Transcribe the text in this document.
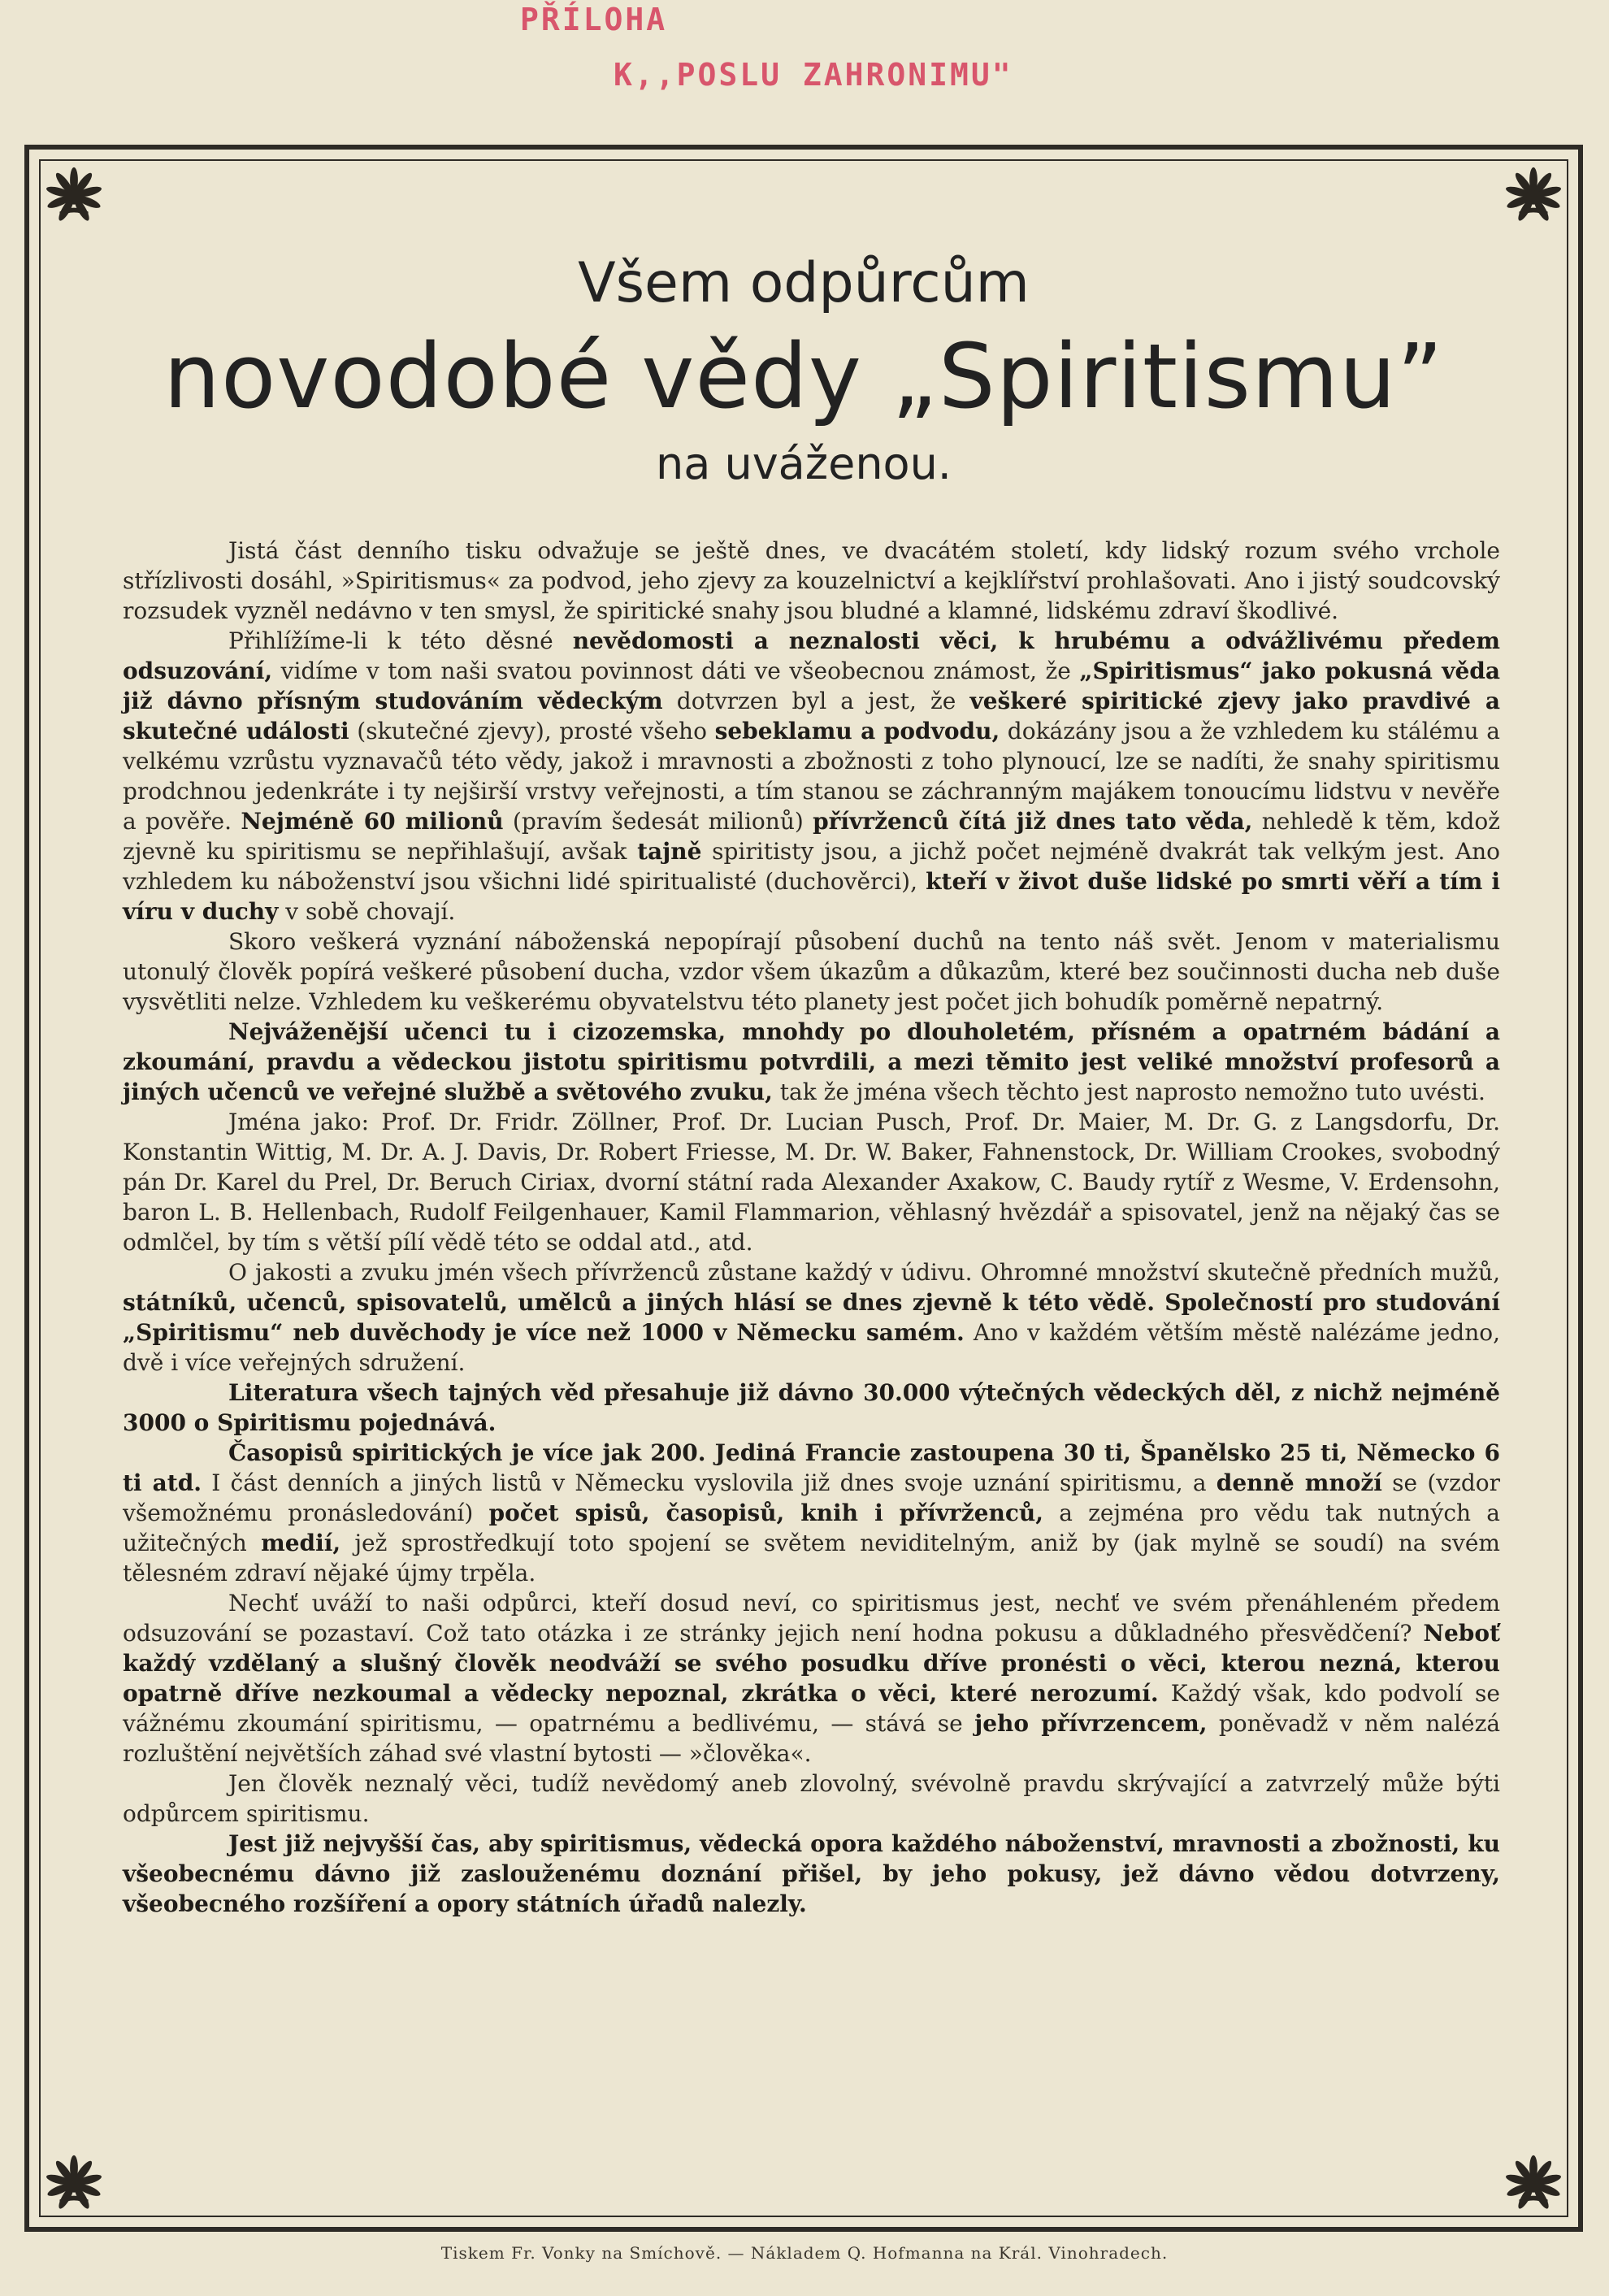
PŘÍLOHA
K,,POSLU ZAHRONIMU"
Všem odpůrcům
novodobé vědy „Spiritismu”
na uváženou.

Jistá část denního tisku odvažuje se ještě dnes, ve dvacátém století, kdy lidský rozum svého vrchole střízlivosti dosáhl, »Spiritismus« za podvod, jeho zjevy za kouzelnictví a kejklířství prohlašovati. Ano i jistý soudcovský rozsudek vyzněl nedávno v ten smysl, že spiritické snahy jsou bludné a klamné, lidskému zdraví škodlivé.

Přihlížíme-li k této děsné nevědomosti a neznalosti věci, k hrubému a odvážlivému předem odsuzování, vidíme v tom naši svatou povinnost dáti ve všeobecnou známost, že „Spiritismus“ jako pokusná věda již dávno přísným studováním vědeckým dotvrzen byl a jest, že veškeré spiritické zjevy jako pravdivé a skutečné události (skutečné zjevy), prosté všeho sebeklamu a podvodu, dokázány jsou a že vzhledem ku stálému a velkému vzrůstu vyznavačů této vědy, jakož i mravnosti a zbožnosti z toho plynoucí, lze se nadíti, že snahy spiritismu prodchnou jedenkráte i ty nejširší vrstvy veřejnosti, a tím stanou se záchranným majákem tonoucímu lidstvu v nevěře a pověře. Nejméně 60 milionů (pravím šedesát milionů) přívrženců čítá již dnes tato věda, nehledě k těm, kdož zjevně ku spiritismu se nepřihlašují, avšak tajně spiritisty jsou, a jichž počet nejméně dvakrát tak velkým jest. Ano vzhledem ku náboženství jsou všichni lidé spiritualisté (duchověrci), kteří v život duše lidské po smrti věří a tím i víru v duchy v sobě chovají.

Skoro veškerá vyznání náboženská nepopírají působení duchů na tento náš svět. Jenom v materialismu utonulý člověk popírá veškeré působení ducha, vzdor všem úkazům a důkazům, které bez součinnosti ducha neb duše vysvětliti nelze. Vzhledem ku veškerému obyvatelstvu této planety jest počet jich bohudík poměrně nepatrný.

Nejváženější učenci tu i cizozemska, mnohdy po dlouholetém, přísném a opatrném bádání a zkoumání, pravdu a vědeckou jistotu spiritismu potvrdili, a mezi těmito jest veliké množství profesorů a jiných učenců ve veřejné službě a světového zvuku, tak že jména všech těchto jest naprosto nemožno tuto uvésti.

Jména jako: Prof. Dr. Fridr. Zöllner, Prof. Dr. Lucian Pusch, Prof. Dr. Maier, M. Dr. G. z Langsdorfu, Dr. Konstantin Wittig, M. Dr. A. J. Davis, Dr. Robert Friesse, M. Dr. W. Baker, Fahnenstock, Dr. William Crookes, svobodný pán Dr. Karel du Prel, Dr. Beruch Ciriax, dvorní státní rada Alexander Axakow, C. Baudy rytíř z Wesme, V. Erdensohn, baron L. B. Hellenbach, Rudolf Feilgenhauer, Kamil Flammarion, věhlasný hvězdář a spisovatel, jenž na nějaký čas se odmlčel, by tím s větší pílí vědě této se oddal atd., atd.

O jakosti a zvuku jmén všech přívrženců zůstane každý v údivu. Ohromné množství skutečně předních mužů, státníků, učenců, spisovatelů, umělců a jiných hlásí se dnes zjevně k této vědě. Společností pro studování „Spiritismu“ neb duvěchody je více než 1000 v Německu samém. Ano v každém větším městě nalézáme jedno, dvě i více veřejných sdružení.

Literatura všech tajných věd přesahuje již dávno 30.000 výtečných vědeckých děl, z nichž nejméně 3000 o Spiritismu pojednává.

Časopisů spiritických je více jak 200. Jediná Francie zastoupena 30 ti, Španělsko 25 ti, Německo 6 ti atd. I část denních a jiných listů v Německu vyslovila již dnes svoje uznání spiritismu, a denně množí se (vzdor všemožnému pronásledování) počet spisů, časopisů, knih i přívrženců, a zejména pro vědu tak nutných a užitečných medií, jež sprostředkují toto spojení se světem neviditelným, aniž by (jak mylně se soudí) na svém tělesném zdraví nějaké újmy trpěla.

Nechť uváží to naši odpůrci, kteří dosud neví, co spiritismus jest, nechť ve svém přenáhleném předem odsuzování se pozastaví. Což tato otázka i ze stránky jejich není hodna pokusu a důkladného přesvědčení? Neboť každý vzdělaný a slušný člověk neodváží se svého posudku dříve pronésti o věci, kterou nezná, kterou opatrně dříve nezkoumal a vědecky nepoznal, zkrátka o věci, které nerozumí. Každý však, kdo podvolí se vážnému zkoumání spiritismu, — opatrnému a bedlivému, — stává se jeho přívrzencem, poněvadž v něm nalézá rozluštění největších záhad své vlastní bytosti — »člověka«.

Jen člověk neznalý věci, tudíž nevědomý aneb zlovolný, svévolně pravdu skrývající a zatvrzelý může býti odpůrcem spiritismu.

Jest již nejvyšší čas, aby spiritismus, vědecká opora každého náboženství, mravnosti a zbožnosti, ku všeobecnému dávno již zaslouženému doznání přišel, by jeho pokusy, jež dávno vědou dotvrzeny, všeobecného rozšíření a opory státních úřadů nalezly.

Tiskem Fr. Vonky na Smíchově. — Nákladem Q. Hofmanna na Král. Vinohradech.
